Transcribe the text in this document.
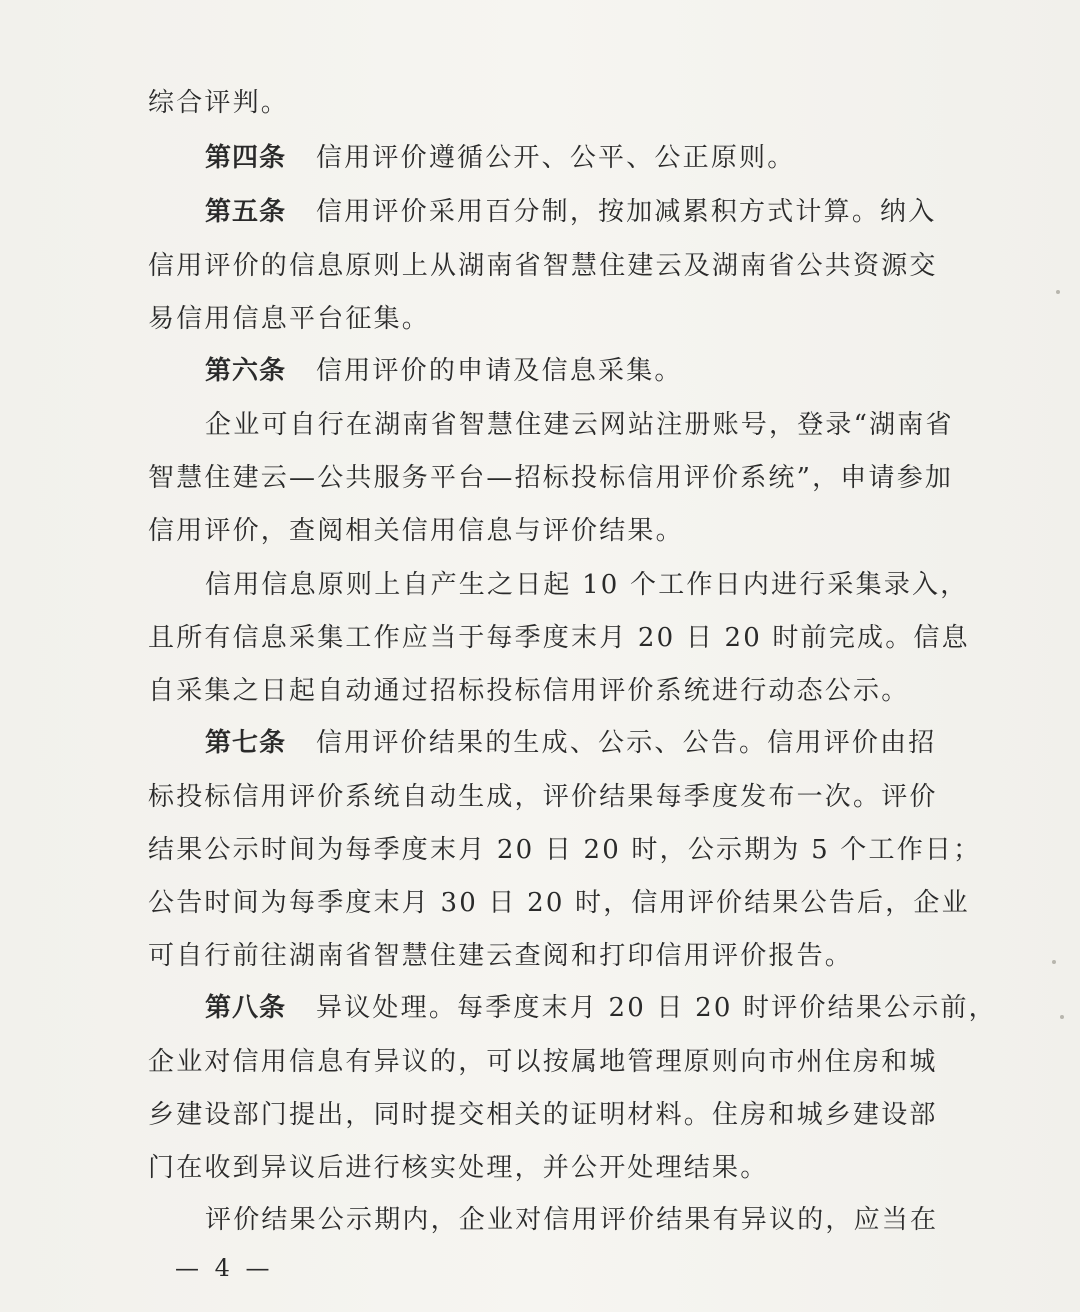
综合评判。
第四条 信用评价遵循公开、公平、公正原则。
第五条 信用评价采用百分制，按加减累积方式计算。纳入
信用评价的信息原则上从湖南省智慧住建云及湖南省公共资源交
易信用信息平台征集。
第六条 信用评价的申请及信息采集。
企业可自行在湖南省智慧住建云网站注册账号，登录“湖南省
智慧住建云—公共服务平台—招标投标信用评价系统”，申请参加
信用评价，查阅相关信用信息与评价结果。
信用信息原则上自产生之日起 10 个工作日内进行采集录入，
且所有信息采集工作应当于每季度末月 20 日 20 时前完成。信息
自采集之日起自动通过招标投标信用评价系统进行动态公示。
第七条 信用评价结果的生成、公示、公告。信用评价由招
标投标信用评价系统自动生成，评价结果每季度发布一次。评价
结果公示时间为每季度末月 20 日 20 时，公示期为 5 个工作日；
公告时间为每季度末月 30 日 20 时，信用评价结果公告后，企业
可自行前往湖南省智慧住建云查阅和打印信用评价报告。
第八条 异议处理。每季度末月 20 日 20 时评价结果公示前，
企业对信用信息有异议的，可以按属地管理原则向市州住房和城
乡建设部门提出，同时提交相关的证明材料。住房和城乡建设部
门在收到异议后进行核实处理，并公开处理结果。
评价结果公示期内，企业对信用评价结果有异议的，应当在
— 4 —
